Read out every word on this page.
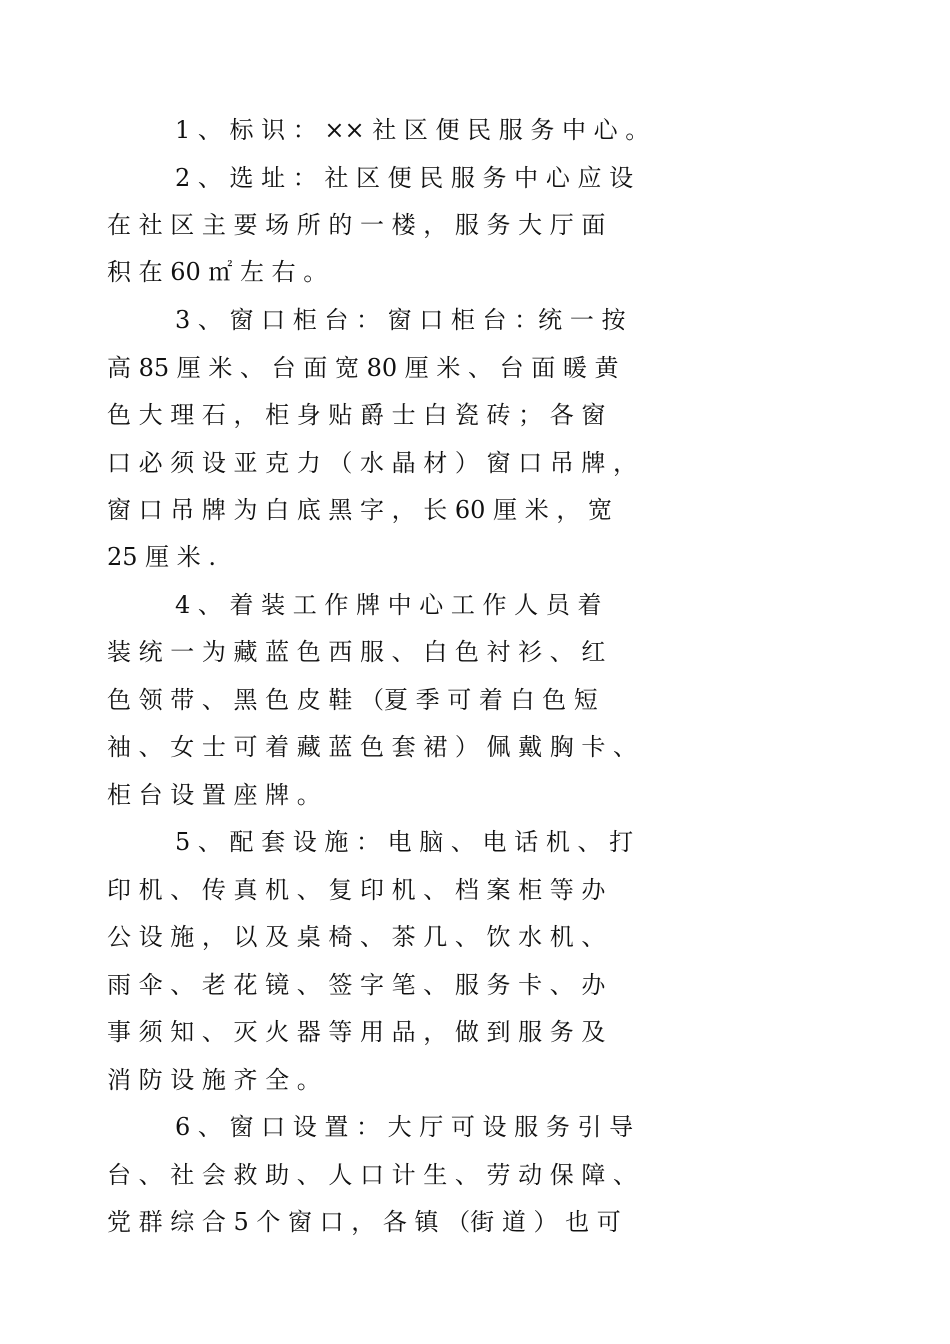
1 、 标 识 ： ×× 社 区 便 民 服 务 中 心 。
2 、 选 址 ： 社 区 便 民 服 务 中 心 应 设
在 社 区 主 要 场 所 的 一 楼 ， 服 务 大 厅 面
积 在 60 ㎡ 左 右 。
3 、 窗 口 柜 台 ： 窗 口 柜 台 ：统 一 按
高 85 厘 米 、 台 面 宽 80 厘 米 、 台 面 暖 黄
色 大 理 石 ， 柜 身 贴 爵 士 白 瓷 砖 ； 各 窗
口 必 须 设 亚 克 力 （ 水 晶 材 ） 窗 口 吊 牌 ，
窗 口 吊 牌 为 白 底 黑 字 ， 长 60 厘 米 ， 宽
25 厘 米 .
4 、 着 装 工 作 牌 中 心 工 作 人 员 着
装 统 一 为 藏 蓝 色 西 服 、 白 色 衬 衫 、 红
色 领 带 、 黑 色 皮 鞋 （夏 季 可 着 白 色 短
袖 、 女 士 可 着 藏 蓝 色 套 裙 ） 佩 戴 胸 卡 、
柜 台 设 置 座 牌 。
5 、 配 套 设 施 ： 电 脑 、 电 话 机 、 打
印 机 、 传 真 机 、 复 印 机 、 档 案 柜 等 办
公 设 施 ， 以 及 桌 椅 、 茶 几 、 饮 水 机 、
雨 伞 、 老 花 镜 、 签 字 笔 、 服 务 卡 、 办
事 须 知 、 灭 火 器 等 用 品 ， 做 到 服 务 及
消 防 设 施 齐 全 。
6 、 窗 口 设 置 ： 大 厅 可 设 服 务 引 导
台 、 社 会 救 助 、 人 口 计 生 、 劳 动 保 障 、
党 群 综 合 5 个 窗 口 ， 各 镇 （街 道 ） 也 可
